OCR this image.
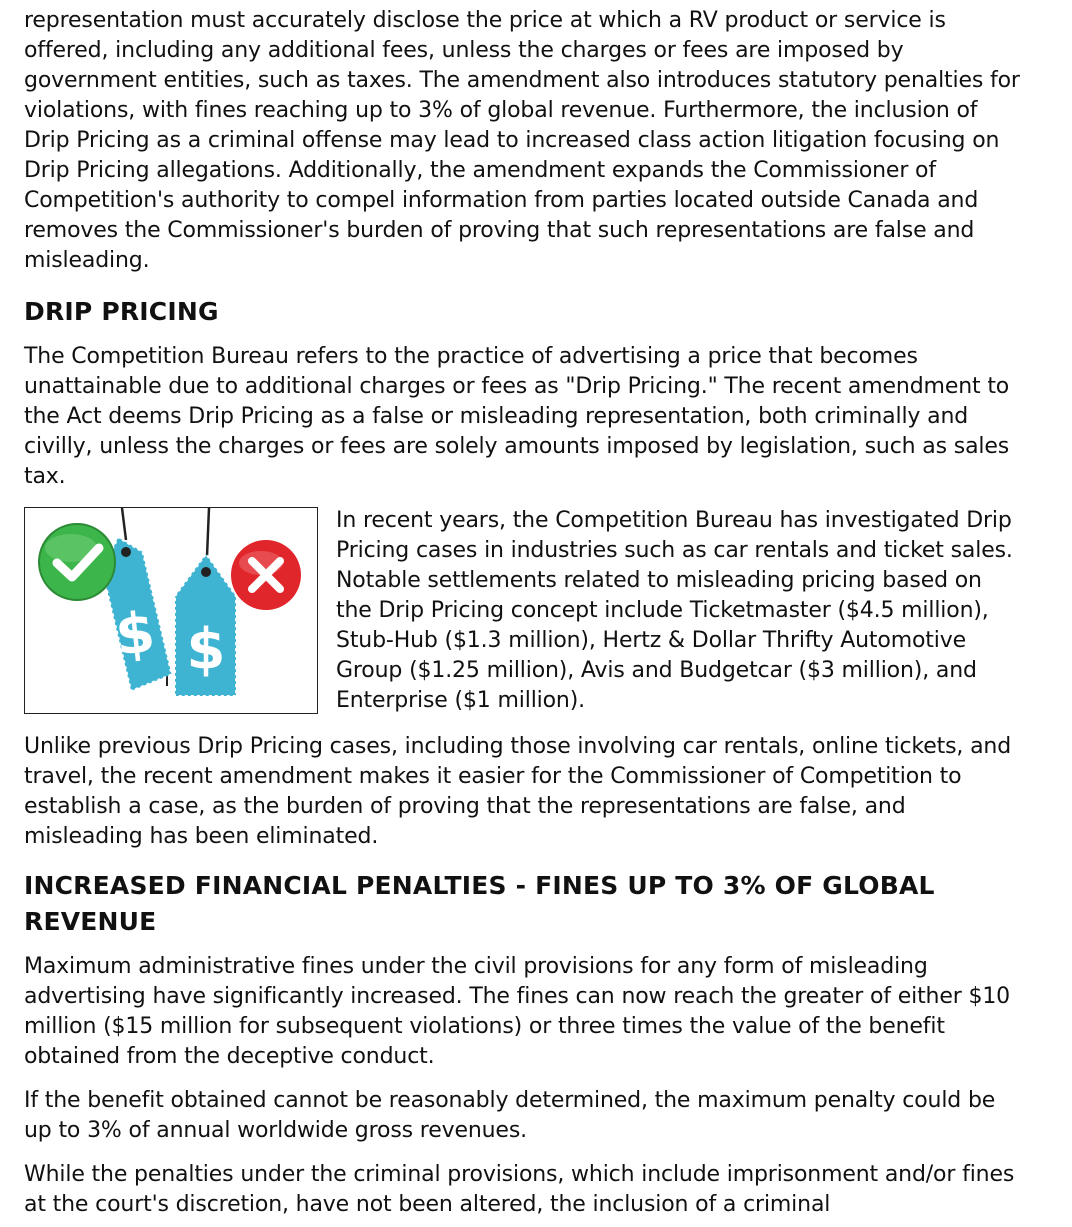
representation must accurately disclose the price at which a RV product or service is offered, including any additional fees, unless the charges or fees are imposed by government entities, such as taxes. The amendment also introduces statutory penalties for violations, with fines reaching up to 3% of global revenue. Furthermore, the inclusion of Drip Pricing as a criminal offense may lead to increased class action litigation focusing on Drip Pricing allegations. Additionally, the amendment expands the Commissioner of Competition's authority to compel information from parties located outside Canada and removes the Commissioner's burden of proving that such representations are false and misleading.

DRIP PRICING

The Competition Bureau refers to the practice of advertising a price that becomes unattainable due to additional charges or fees as "Drip Pricing." The recent amendment to the Act deems Drip Pricing as a false or misleading representation, both criminally and civilly, unless the charges or fees are solely amounts imposed by legislation, such as sales tax.

$ $

In recent years, the Competition Bureau has investigated Drip Pricing cases in industries such as car rentals and ticket sales. Notable settlements related to misleading pricing based on the Drip Pricing concept include Ticketmaster ($4.5 million), Stub-Hub ($1.3 million), Hertz & Dollar Thrifty Automotive Group ($1.25 million), Avis and Budgetcar ($3 million), and Enterprise ($1 million).

Unlike previous Drip Pricing cases, including those involving car rentals, online tickets, and travel, the recent amendment makes it easier for the Commissioner of Competition to establish a case, as the burden of proving that the representations are false, and misleading has been eliminated.

INCREASED FINANCIAL PENALTIES - FINES UP TO 3% OF GLOBAL REVENUE

Maximum administrative fines under the civil provisions for any form of misleading advertising have significantly increased. The fines can now reach the greater of either $10 million ($15 million for subsequent violations) or three times the value of the benefit obtained from the deceptive conduct.

If the benefit obtained cannot be reasonably determined, the maximum penalty could be up to 3% of annual worldwide gross revenues.

While the penalties under the criminal provisions, which include imprisonment and/or fines at the court's discretion, have not been altered, the inclusion of a criminal
